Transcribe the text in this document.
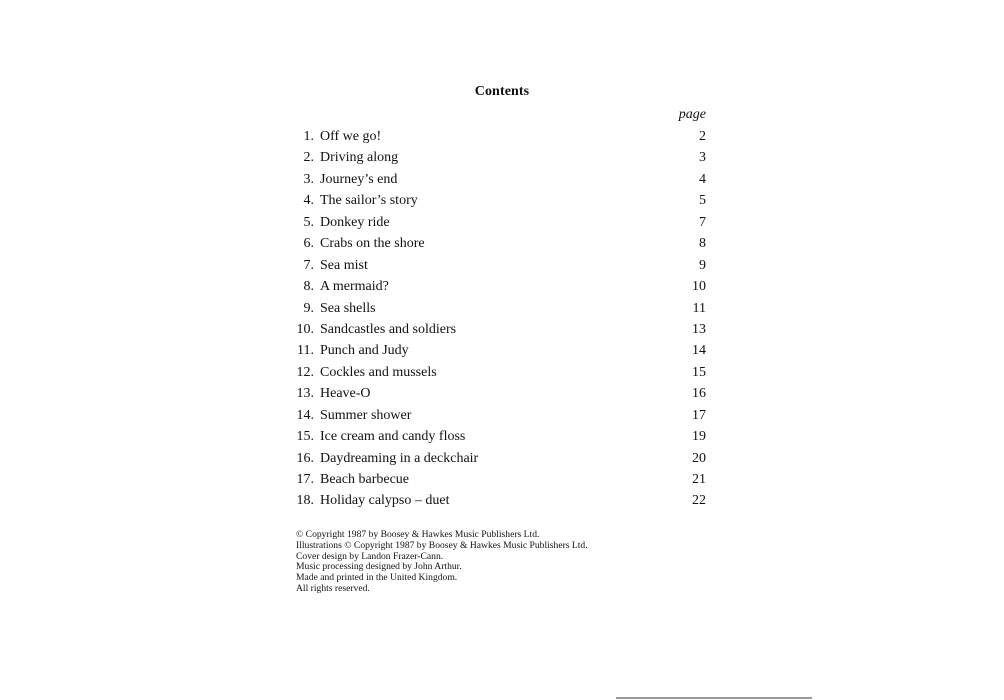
Contents
page
1. Off we go!	2
2. Driving along	3
3. Journey’s end	4
4. The sailor’s story	5
5. Donkey ride	7
6. Crabs on the shore	8
7. Sea mist	9
8. A mermaid?	10
9. Sea shells	11
10. Sandcastles and soldiers	13
11. Punch and Judy	14
12. Cockles and mussels	15
13. Heave-O	16
14. Summer shower	17
15. Ice cream and candy floss	19
16. Daydreaming in a deckchair	20
17. Beach barbecue	21
18. Holiday calypso – duet	22
© Copyright 1987 by Boosey & Hawkes Music Publishers Ltd.
Illustrations © Copyright 1987 by Boosey & Hawkes Music Publishers Ltd.
Cover design by Landon Frazer-Cann.
Music processing designed by John Arthur.
Made and printed in the United Kingdom.
All rights reserved.
